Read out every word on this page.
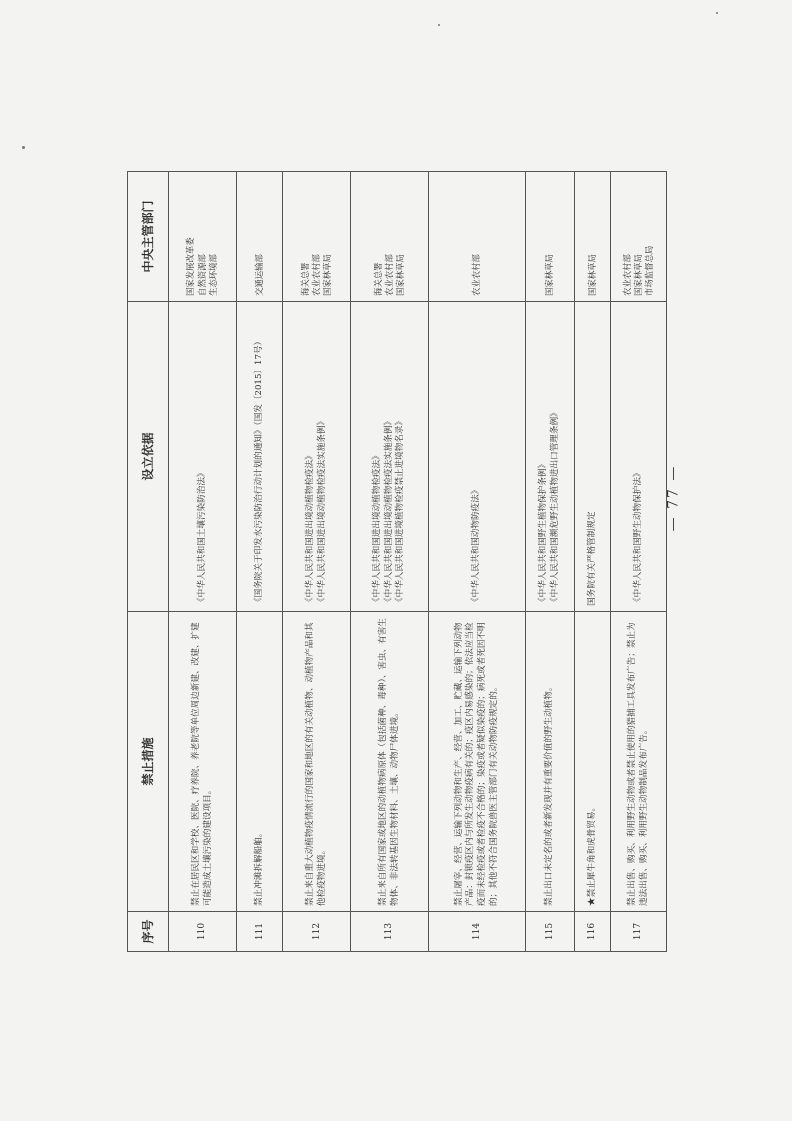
序号	禁止措施	设立依据	中央主管部门
110	禁止在居民区和学校、医院、疗养院、养老院等单位周边新建、改建、扩建可能造成土壤污染的建设项目。	《中华人民共和国土壤污染防治法》	国家发展改革委 自然资源部 生态环境部

111	禁止冲滩拆解船舶。	《国务院关于印发水污染防治行动计划的通知》（国发〔2015〕17号）	交通运输部

112	禁止来自重大动植物疫情流行的国家和地区的有关动植物、动植物产品和其他检疫物进境。	《中华人民共和国进出境动植物检疫法》 《中华人民共和国进出境动植物检疫法实施条例》	海关总署 农业农村部 国家林草局

113	禁止来自所有国家或地区的动植物病原体（包括菌种、毒种）、害虫、有害生物体、非法转基因生物材料、土壤、动物尸体进境。	《中华人民共和国进出境动植物检疫法》 《中华人民共和国进出境动植物检疫法实施条例》 《中华人民共和国进境植物检疫禁止进境物名录》	海关总署 农业农村部 国家林草局

114	禁止屠宰、经营、运输下列动物和生产、经营、加工、贮藏、运输下列动物产品：封锁疫区内与所发生动物疫病有关的；疫区内易感染的；依法应当检疫而未经检疫或者检疫不合格的；染疫或者疑似染疫的；病死或者死因不明的；其他不符合国务院兽医主管部门有关动物防疫规定的。	《中华人民共和国动物防疫法》	农业农村部

115	禁止出口未定名的或者新发现并有重要价值的野生动植物。	《中华人民共和国野生植物保护条例》 《中华人民共和国濒危野生动植物进出口管理条例》	国家林草局

116	★禁止犀牛角和虎骨贸易。	国务院有关严格管制规定	国家林草局

117	禁止出售、购买、利用野生动物或者禁止使用的猎捕工具发布广告；禁止为违法出售、购买、利用野生动物制品发布广告。	《中华人民共和国野生动物保护法》	农业农村部 国家林草局 市场监督总局
— 77 —
